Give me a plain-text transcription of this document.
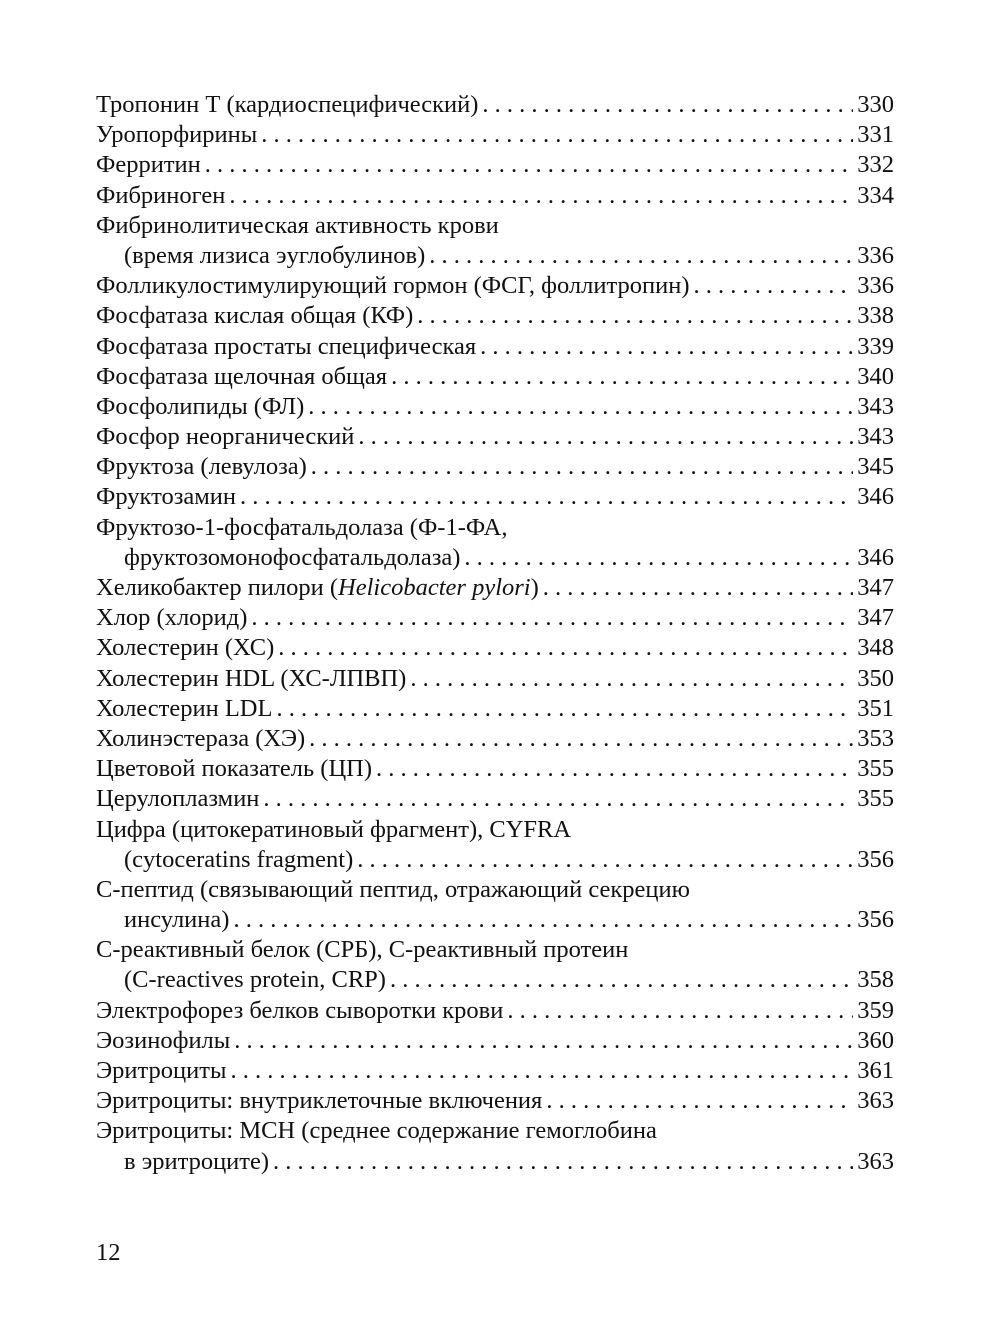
Тропонин Т (кардиоспецифический) . . .	330
Уропорфирины . . .	331
Ферритин . . .	332
Фибриноген . . .	334
Фибринолитическая активность крови
(время лизиса эуглобулинов) . . .	336
Фолликулостимулирующий гормон (ФСГ, фоллитропин) . . .	336
Фосфатаза кислая общая (КФ) . . .	338
Фосфатаза простаты специфическая . . .	339
Фосфатаза щелочная общая . . .	340
Фосфолипиды (ФЛ) . . .	343
Фосфор неорганический . . .	343
Фруктоза (левулоза) . . .	345
Фруктозамин . . .	346
Фруктозо-1-фосфатальдолаза (Ф-1-ФА,
фруктозомонофосфатальдолаза) . . .	346
Хеликобактер пилори (Helicobacter pylori) . . .	347
Хлор (хлорид) . . .	347
Холестерин (ХС) . . .	348
Холестерин HDL (ХС-ЛПВП) . . .	350
Холестерин LDL . . .	351
Холинэстераза (ХЭ) . . .	353
Цветовой показатель (ЦП) . . .	355
Церулоплазмин . . .	355
Цифра (цитокератиновый фрагмент), CYFRA
(cytoceratins fragment) . . .	356
С-пептид (связывающий пептид, отражающий секрецию
инсулина) . . .	356
С-реактивный белок (СРБ), С-реактивный протеин
(C-reactives protein, CRP) . . .	358
Электрофорез белков сыворотки крови . . .	359
Эозинофилы . . .	360
Эритроциты . . .	361
Эритроциты: внутриклеточные включения . . .	363
Эритроциты: МСН (среднее содержание гемоглобина
в эритроците) . . .	363
12
